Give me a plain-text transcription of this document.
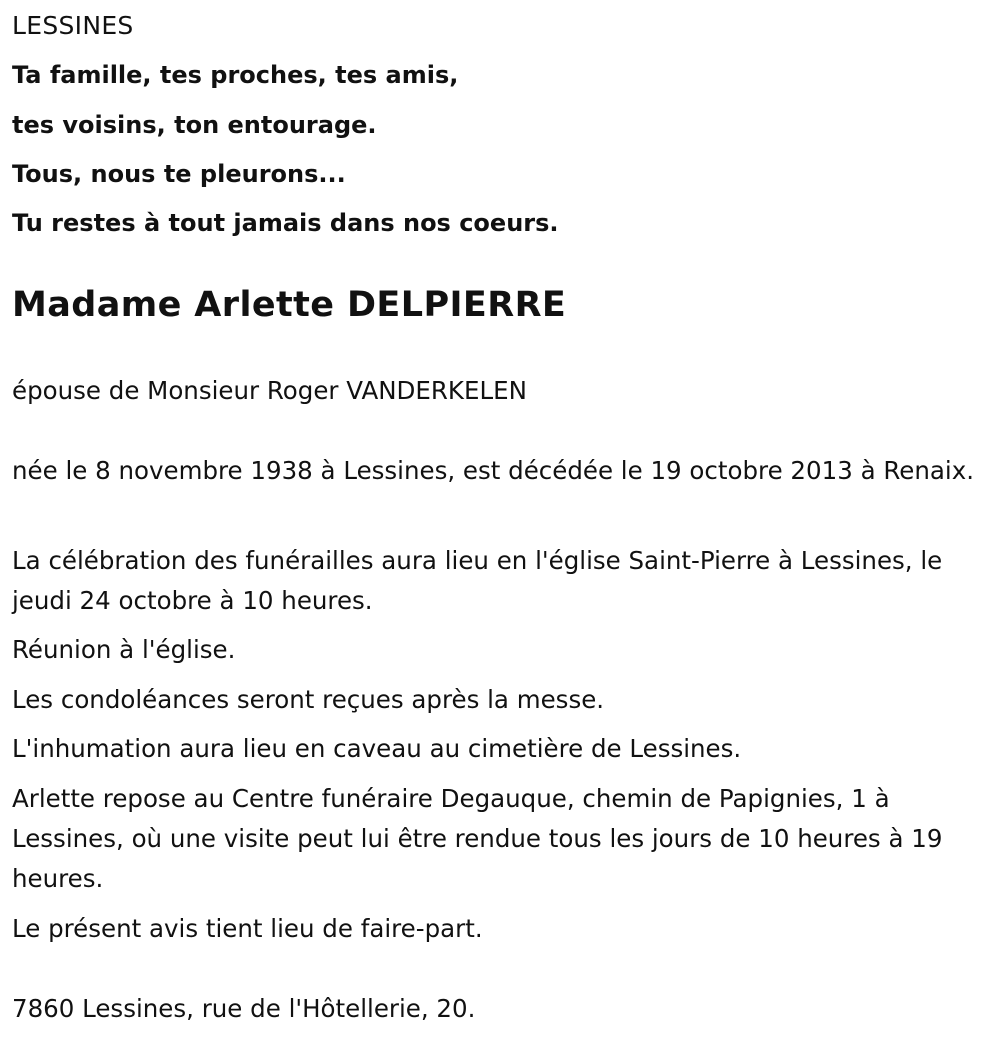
LESSINES
Ta famille, tes proches, tes amis,
tes voisins, ton entourage.
Tous, nous te pleurons...
Tu restes à tout jamais dans nos coeurs.
Madame Arlette DELPIERRE

épouse de Monsieur Roger VANDERKELEN

née le 8 novembre 1938 à Lessines, est décédée le 19 octobre 2013 à Renaix.

La célébration des funérailles aura lieu en l'église Saint-Pierre à Lessines, le jeudi 24 octobre à 10 heures.

Réunion à l'église.

Les condoléances seront reçues après la messe.

L'inhumation aura lieu en caveau au cimetière de Lessines.

Arlette repose au Centre funéraire Degauque, chemin de Papignies, 1 à Lessines, où une visite peut lui être rendue tous les jours de 10 heures à 19 heures.

Le présent avis tient lieu de faire-part.

7860 Lessines, rue de l'Hôtellerie, 20.
